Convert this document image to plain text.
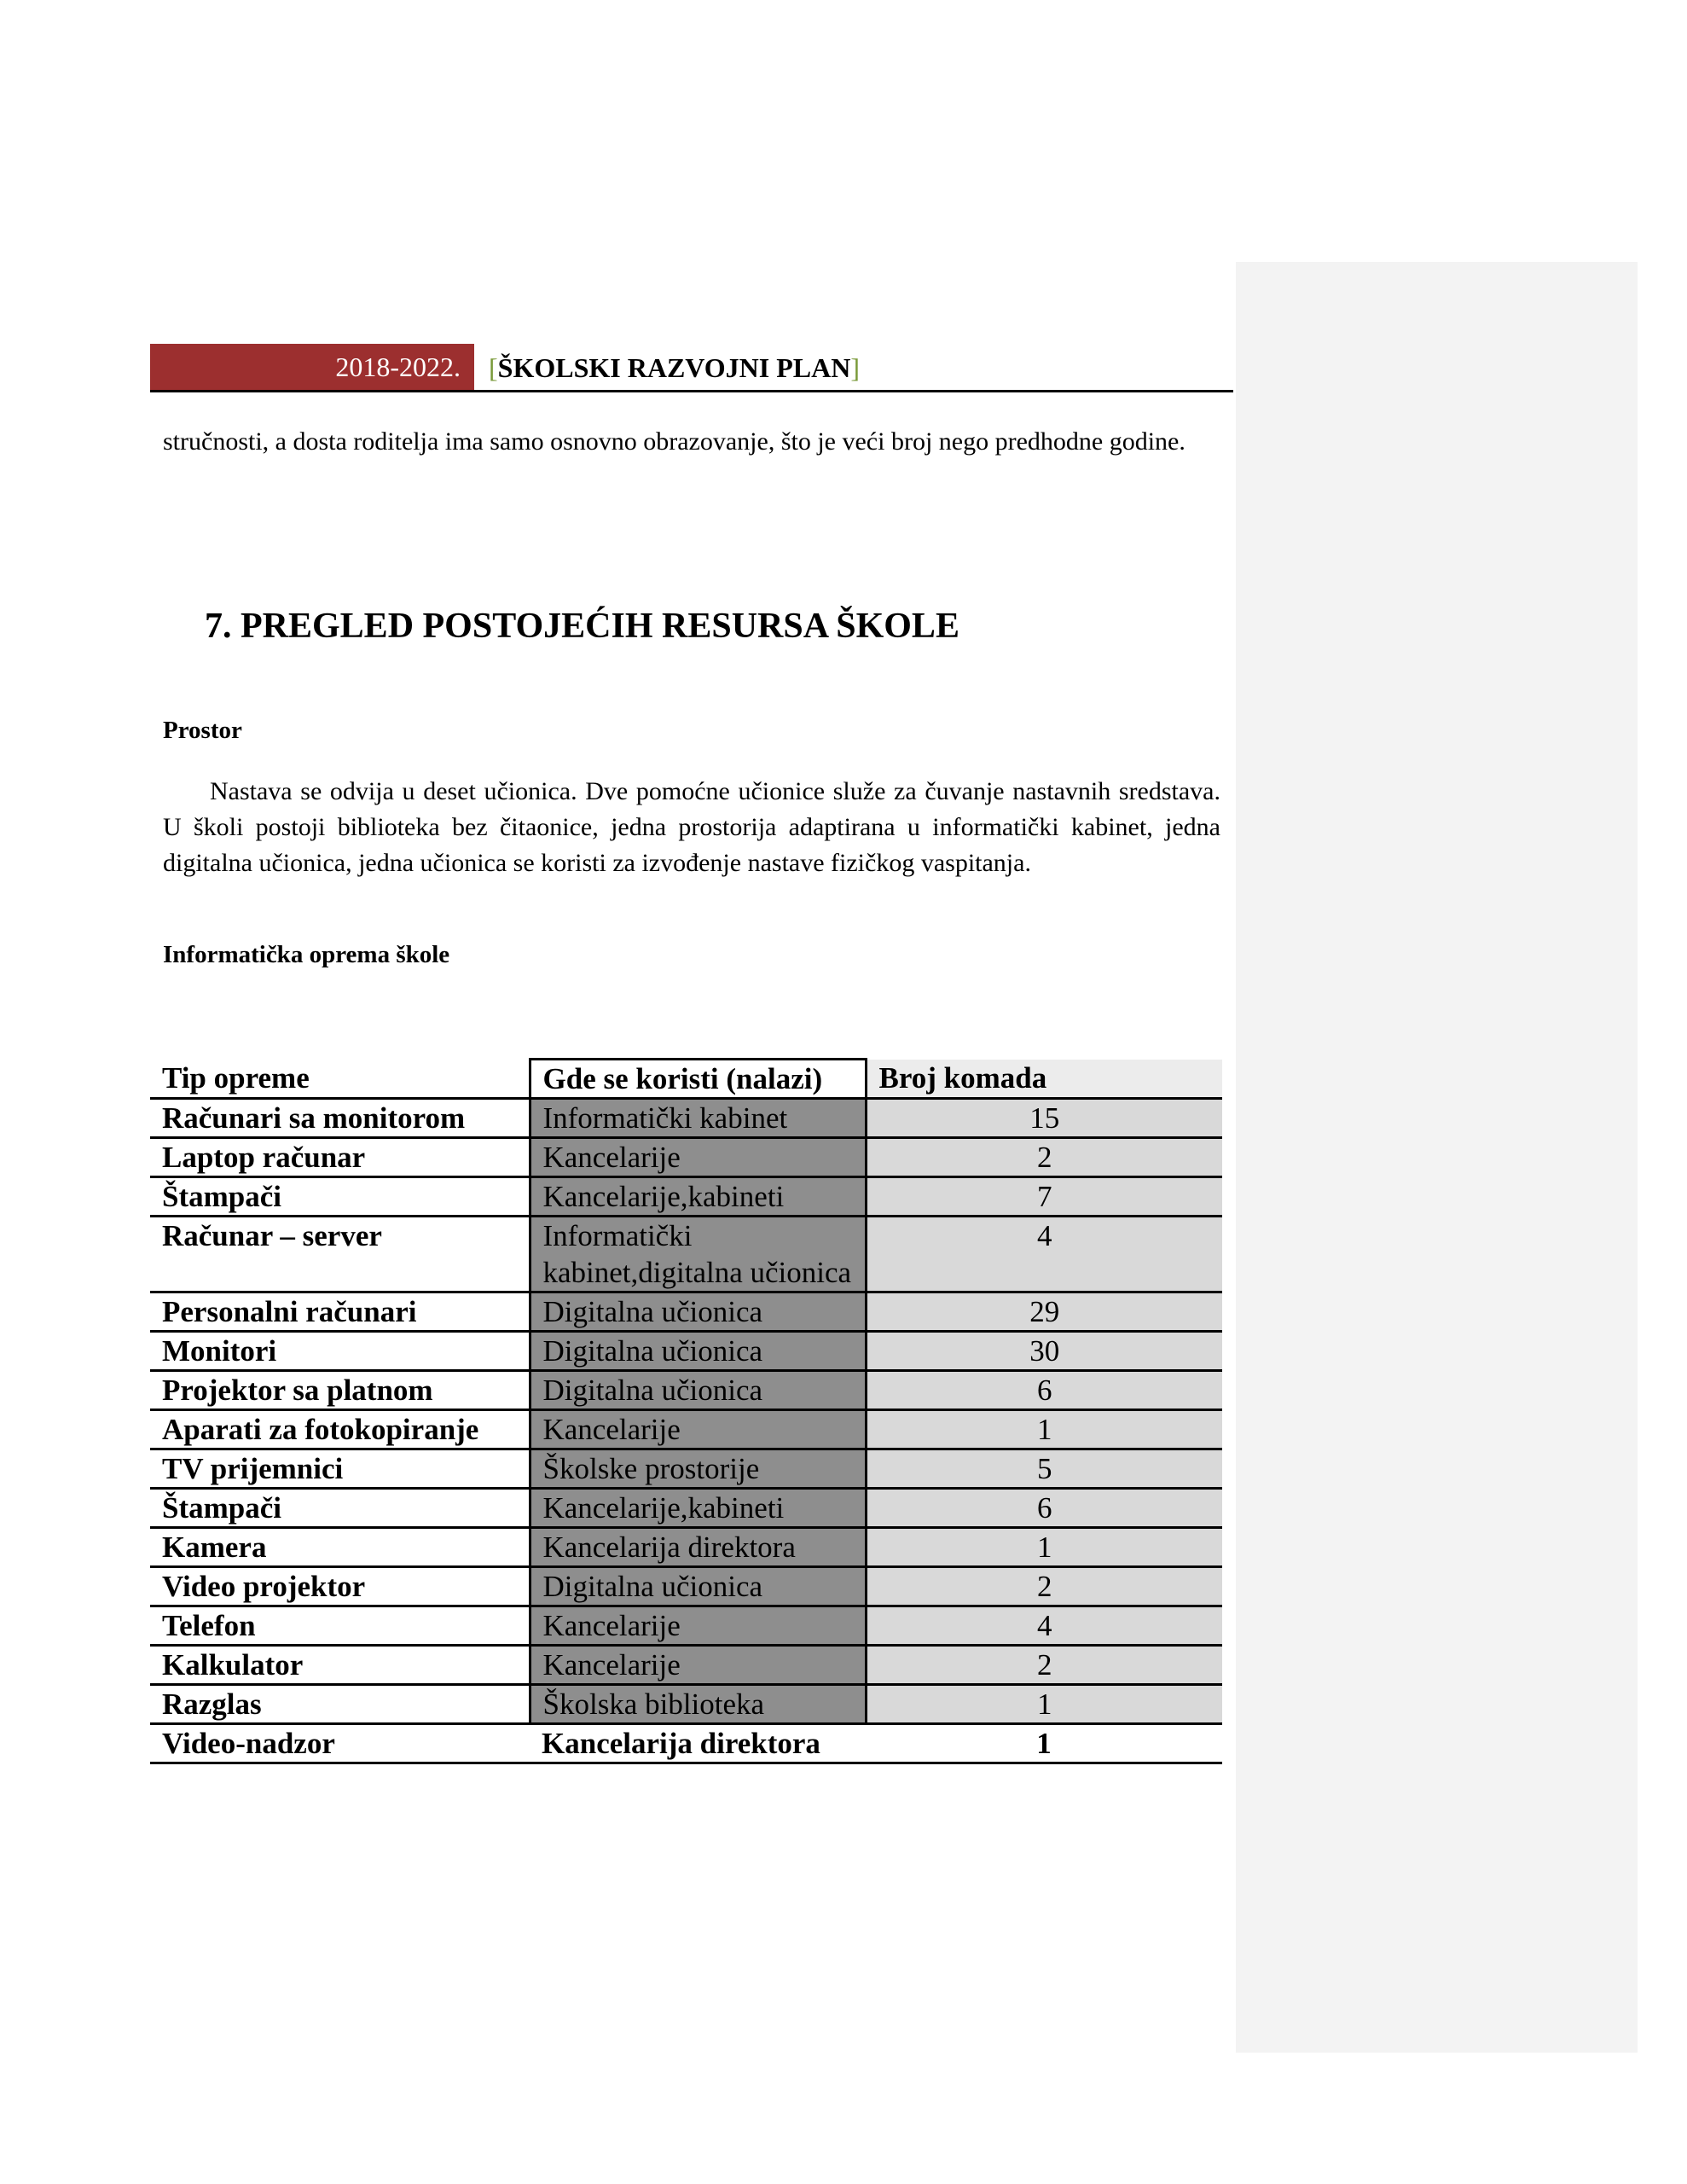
2018-2022.	[ŠKOLSKI RAZVOJNI PLAN]
stručnosti, a dosta roditelja ima samo osnovno obrazovanje, što je veći broj nego predhodne godine.
7. PREGLED POSTOJEĆIH RESURSA ŠKOLE
Prostor
Nastava se odvija u deset učionica. Dve pomoćne učionice služe za čuvanje nastavnih sredstava. U školi postoji biblioteka bez čitaonice, jedna prostorija adaptirana u informatički kabinet, jedna digitalna učionica, jedna učionica se koristi za izvođenje nastave fizičkog vaspitanja.
Informatička oprema škole
Tip opreme	Gde se koristi (nalazi)	Broj komada
Računari sa monitorom	Informatički kabinet	15
Laptop računar	Kancelarije	2
Štampači	Kancelarije,kabineti	7
Računar – server	Informatički kabinet,digitalna učionica	4
Personalni računari	Digitalna učionica	29
Monitori	Digitalna učionica	30
Projektor sa platnom	Digitalna učionica	6
Aparati za fotokopiranje	Kancelarije	1
TV prijemnici	Školske prostorije	5
Štampači	Kancelarije,kabineti	6
Kamera	Kancelarija direktora	1
Video projektor	Digitalna učionica	2
Telefon	Kancelarije	4
Kalkulator	Kancelarije	2
Razglas	Školska biblioteka	1
Video-nadzor	Kancelarija direktora	1
